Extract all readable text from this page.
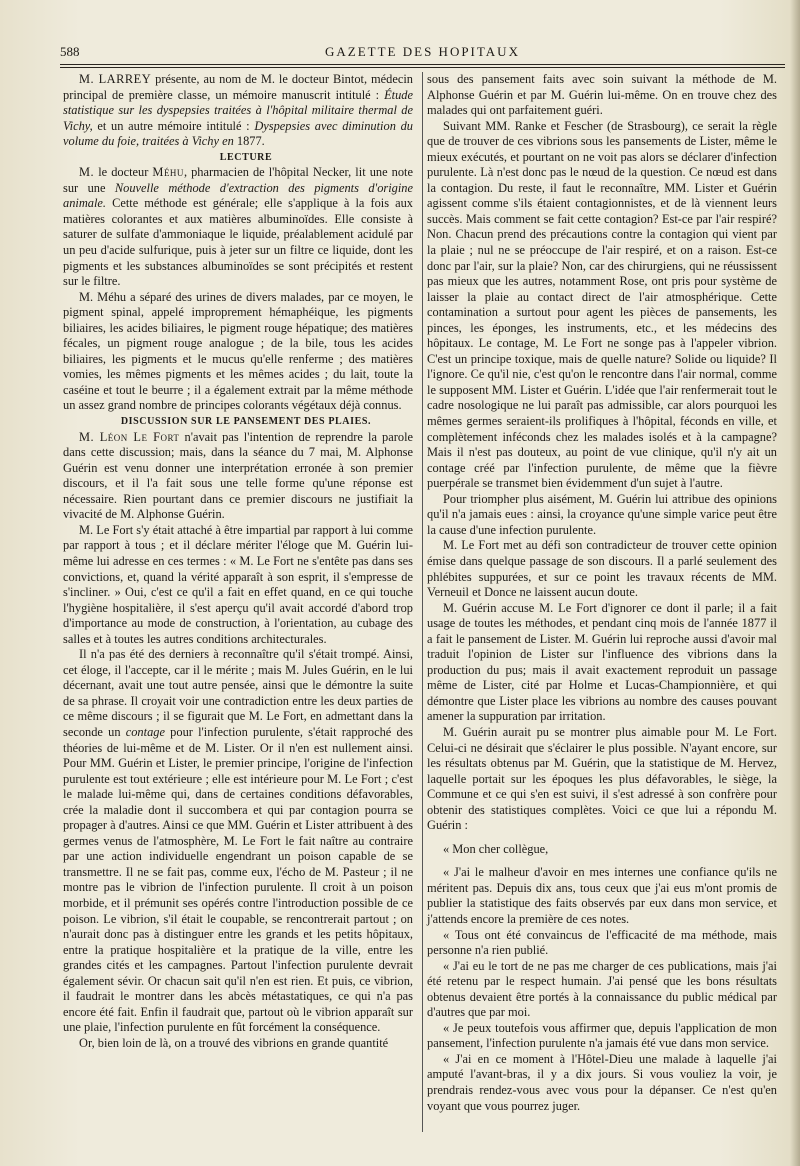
588	GAZETTE DES HOPITAUX

M. LARREY présente, au nom de M. le docteur Bintot, médecin principal de première classe, un mémoire manuscrit intitulé : Étude statistique sur les dyspepsies traitées à l'hôpital militaire thermal de Vichy, et un autre mémoire intitulé : Dyspepsies avec diminution du volume du foie, traitées à Vichy en 1877.

LECTURE

M. le docteur Méhu, pharmacien de l'hôpital Necker, lit une note sur une Nouvelle méthode d'extraction des pigments d'origine animale. Cette méthode est générale; elle s'applique à la fois aux matières colorantes et aux matières albuminoïdes. Elle consiste à saturer de sulfate d'ammoniaque le liquide, préalablement acidulé par un peu d'acide sulfurique, puis à jeter sur un filtre ce liquide, dont les pigments et les substances albuminoïdes se sont précipités et restent sur le filtre.

M. Méhu a séparé des urines de divers malades, par ce moyen, le pigment spinal, appelé improprement hémaphéique, les pigments biliaires, les acides biliaires, le pigment rouge hépatique; des matières fécales, un pigment rouge analogue ; de la bile, tous les acides biliaires, les pigments et le mucus qu'elle renferme ; des matières vomies, les mêmes pigments et les mêmes acides ; du lait, toute la caséine et tout le beurre ; il a également extrait par la même méthode un assez grand nombre de principes colorants végétaux déjà connus.

DISCUSSION SUR LE PANSEMENT DES PLAIES.

M. Léon Le Fort n'avait pas l'intention de reprendre la parole dans cette discussion; mais, dans la séance du 7 mai, M. Alphonse Guérin est venu donner une interprétation erronée à son premier discours, et il l'a fait sous une telle forme qu'une réponse est nécessaire. Rien pourtant dans ce premier discours ne justifiait la vivacité de M. Alphonse Guérin.

M. Le Fort s'y était attaché à être impartial par rapport à lui comme par rapport à tous ; et il déclare mériter l'éloge que M. Guérin lui-même lui adresse en ces termes : « M. Le Fort ne s'entête pas dans ses convictions, et, quand la vérité apparaît à son esprit, il s'empresse de s'incliner. » Oui, c'est ce qu'il a fait en effet quand, en ce qui touche l'hygiène hospitalière, il s'est aperçu qu'il avait accordé d'abord trop d'importance au mode de construction, à l'orientation, au cubage des salles et à toutes les autres conditions architecturales.

Il n'a pas été des derniers à reconnaître qu'il s'était trompé. Ainsi, cet éloge, il l'accepte, car il le mérite ; mais M. Jules Guérin, en le lui décernant, avait une tout autre pensée, ainsi que le démontre la suite de sa phrase. Il croyait voir une contradiction entre les deux parties de ce même discours ; il se figurait que M. Le Fort, en admettant dans la seconde un contage pour l'infection purulente, s'était rapproché des théories de lui-même et de M. Lister. Or il n'en est nullement ainsi. Pour MM. Guérin et Lister, le premier principe, l'origine de l'infection purulente est tout extérieure ; elle est intérieure pour M. Le Fort ; c'est le malade lui-même qui, dans de certaines conditions défavorables, crée la maladie dont il succombera et qui par contagion pourra se propager à d'autres. Ainsi ce que MM. Guérin et Lister attribuent à des germes venus de l'atmosphère, M. Le Fort le fait naître au contraire par une action individuelle engendrant un poison capable de se transmettre. Il ne se fait pas, comme eux, l'écho de M. Pasteur ; il ne montre pas le vibrion de l'infection purulente. Il croit à un poison morbide, et il prémunit ses opérés contre l'introduction possible de ce poison. Le vibrion, s'il était le coupable, se rencontrerait partout ; on n'aurait donc pas à distinguer entre les grands et les petits hôpitaux, entre la pratique hospitalière et la pratique de la ville, entre les grandes cités et les campagnes. Partout l'infection purulente devrait également sévir. Or chacun sait qu'il n'en est rien. Et puis, ce vibrion, il faudrait le montrer dans les abcès métastatiques, ce qui n'a pas encore été fait. Enfin il faudrait que, partout où le vibrion apparaît sur une plaie, l'infection purulente en fût forcément la conséquence.

Or, bien loin de là, on a trouvé des vibrions en grande quantité

sous des pansement faits avec soin suivant la méthode de M. Alphonse Guérin et par M. Guérin lui-même. On en trouve chez des malades qui ont parfaitement guéri.

Suivant MM. Ranke et Fescher (de Strasbourg), ce serait la règle que de trouver de ces vibrions sous les pansements de Lister, même le mieux exécutés, et pourtant on ne voit pas alors se déclarer d'infection purulente. Là n'est donc pas le nœud de la question. Ce nœud est dans la contagion. Du reste, il faut le reconnaître, MM. Lister et Guérin agissent comme s'ils étaient contagionnistes, et de là viennent leurs succès. Mais comment se fait cette contagion? Est-ce par l'air respiré? Non. Chacun prend des précautions contre la contagion qui vient par la plaie ; nul ne se préoccupe de l'air respiré, et on a raison. Est-ce donc par l'air, sur la plaie? Non, car des chirurgiens, qui ne réussissent pas mieux que les autres, notamment Rose, ont pris pour système de laisser la plaie au contact direct de l'air atmosphérique. Cette contamination a surtout pour agent les pièces de pansements, les pinces, les éponges, les instruments, etc., et les médecins des hôpitaux. Le contage, M. Le Fort ne songe pas à l'appeler vibrion. C'est un principe toxique, mais de quelle nature? Solide ou liquide? Il l'ignore. Ce qu'il nie, c'est qu'on le rencontre dans l'air normal, comme le supposent MM. Lister et Guérin. L'idée que l'air renfermerait tout le cadre nosologique ne lui paraît pas admissible, car alors pourquoi les mêmes germes seraient-ils prolifiques à l'hôpital, féconds en ville, et complètement inféconds chez les malades isolés et à la campagne? Mais il n'est pas douteux, au point de vue clinique, qu'il n'y ait un contage créé par l'infection purulente, de même que la fièvre puerpérale se transmet bien évidemment d'un sujet à l'autre.

Pour triompher plus aisément, M. Guérin lui attribue des opinions qu'il n'a jamais eues : ainsi, la croyance qu'une simple varice peut être la cause d'une infection purulente.

M. Le Fort met au défi son contradicteur de trouver cette opinion émise dans quelque passage de son discours. Il a parlé seulement des phlébites suppurées, et sur ce point les travaux récents de MM. Verneuil et Donce ne laissent aucun doute.

M. Guérin accuse M. Le Fort d'ignorer ce dont il parle; il a fait usage de toutes les méthodes, et pendant cinq mois de l'année 1877 il a fait le pansement de Lister. M. Guérin lui reproche aussi d'avoir mal traduit l'opinion de Lister sur l'influence des vibrions dans la production du pus; mais il avait exactement reproduit un passage même de Lister, cité par Holme et Lucas-Championnière, et qui démontre que Lister place les vibrions au nombre des causes pouvant amener la suppuration par irritation.

M. Guérin aurait pu se montrer plus aimable pour M. Le Fort. Celui-ci ne désirait que s'éclairer le plus possible. N'ayant encore, sur les résultats obtenus par M. Guérin, que la statistique de M. Hervez, laquelle portait sur les époques les plus défavorables, le siège, la Commune et ce qui s'en est suivi, il s'est adressé à son confrère pour obtenir des statistiques complètes. Voici ce que lui a répondu M. Guérin :

« Mon cher collègue,

« J'ai le malheur d'avoir en mes internes une confiance qu'ils ne méritent pas. Depuis dix ans, tous ceux que j'ai eus m'ont promis de publier la statistique des faits observés par eux dans mon service, et j'attends encore la première de ces notes.

« Tous ont été convaincus de l'efficacité de ma méthode, mais personne n'a rien publié.

« J'ai eu le tort de ne pas me charger de ces publications, mais j'ai été retenu par le respect humain. J'ai pensé que les bons résultats obtenus devaient être portés à la connaissance du public médical par d'autres que par moi.

« Je peux toutefois vous affirmer que, depuis l'application de mon pansement, l'infection purulente n'a jamais été vue dans mon service.

« J'ai en ce moment à l'Hôtel-Dieu une malade à laquelle j'ai amputé l'avant-bras, il y a dix jours. Si vous vouliez la voir, je prendrais rendez-vous avec vous pour la dépanser. Ce n'est qu'en voyant que vous pourrez juger.
